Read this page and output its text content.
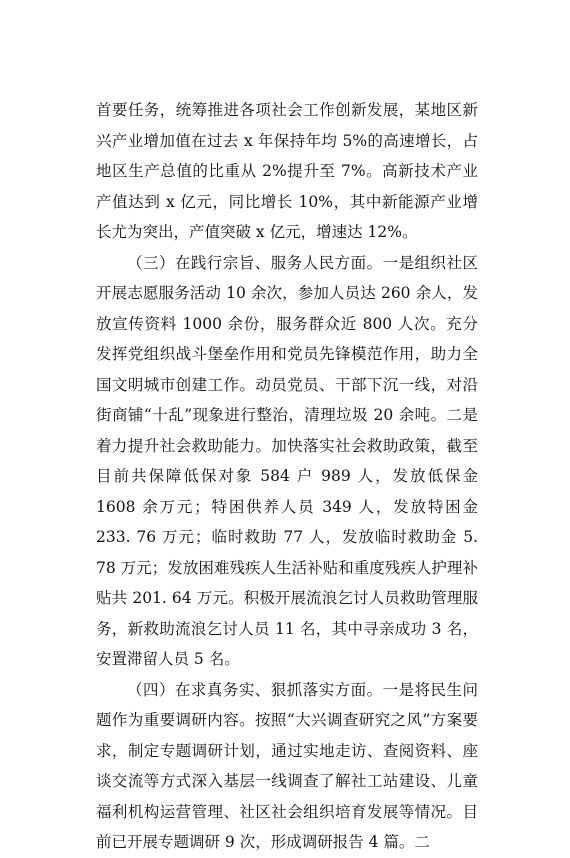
首要任务，统筹推进各项社会工作创新发展，某地区新兴产业增加值在过去 x 年保持年均 5%的高速增长，占地区生产总值的比重从 2%提升至 7%。高新技术产业产值达到 x 亿元，同比增长 10%，其中新能源产业增长尤为突出，产值突破 x 亿元，增速达 12%。

（三）在践行宗旨、服务人民方面。一是组织社区开展志愿服务活动 10 余次，参加人员达 260 余人，发放宣传资料 1000 余份，服务群众近 800 人次。充分发挥党组织战斗堡垒作用和党员先锋模范作用，助力全国文明城市创建工作。动员党员、干部下沉一线，对沿街商铺“十乱”现象进行整治，清理垃圾 20 余吨。二是着力提升社会救助能力。加快落实社会救助政策，截至目前共保障低保对象 584 户 989 人，发放低保金 1608 余万元；特困供养人员 349 人，发放特困金 233. 76 万元；临时救助 77 人，发放临时救助金 5. 78 万元；发放困难残疾人生活补贴和重度残疾人护理补贴共 201. 64 万元。积极开展流浪乞讨人员救助管理服务，新救助流浪乞讨人员 11 名，其中寻亲成功 3 名，安置滞留人员 5 名。

（四）在求真务实、狠抓落实方面。一是将民生问题作为重要调研内容。按照“大兴调查研究之风”方案要求，制定专题调研计划，通过实地走访、查阅资料、座谈交流等方式深入基层一线调查了解社工站建设、儿童福利机构运营管理、社区社会组织培育发展等情况。目前已开展专题调研 9 次，形成调研报告 4 篇。二
